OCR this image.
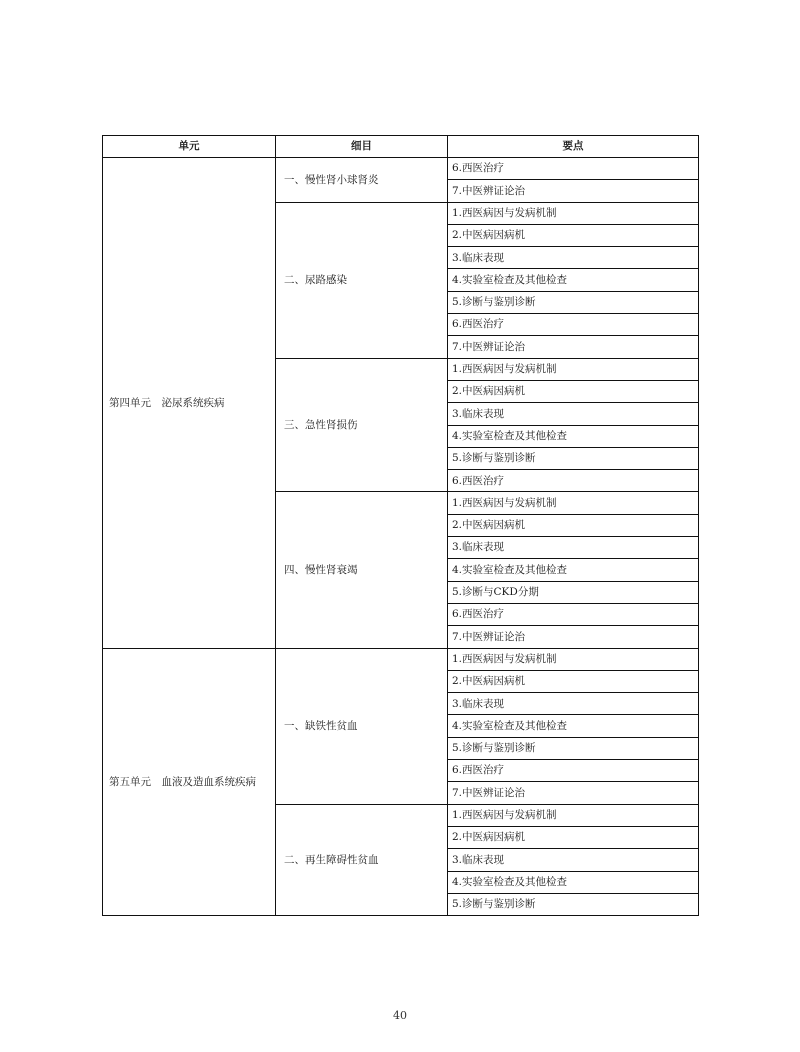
单元	细目	要点
第四单元　泌尿系统疾病	一、慢性肾小球肾炎	6.西医治疗
		7.中医辨证论治
	二、尿路感染	1.西医病因与发病机制
		2.中医病因病机
		3.临床表现
		4.实验室检查及其他检查
		5.诊断与鉴别诊断
		6.西医治疗
		7.中医辨证论治
	三、急性肾损伤	1.西医病因与发病机制
		2.中医病因病机
		3.临床表现
		4.实验室检查及其他检查
		5.诊断与鉴别诊断
		6.西医治疗
	四、慢性肾衰竭	1.西医病因与发病机制
		2.中医病因病机
		3.临床表现
		4.实验室检查及其他检查
		5.诊断与CKD分期
		6.西医治疗
		7.中医辨证论治
第五单元　血液及造血系统疾病	一、缺铁性贫血	1.西医病因与发病机制
		2.中医病因病机
		3.临床表现
		4.实验室检查及其他检查
		5.诊断与鉴别诊断
		6.西医治疗
		7.中医辨证论治
	二、再生障碍性贫血	1.西医病因与发病机制
		2.中医病因病机
		3.临床表现
		4.实验室检查及其他检查
		5.诊断与鉴别诊断
40
